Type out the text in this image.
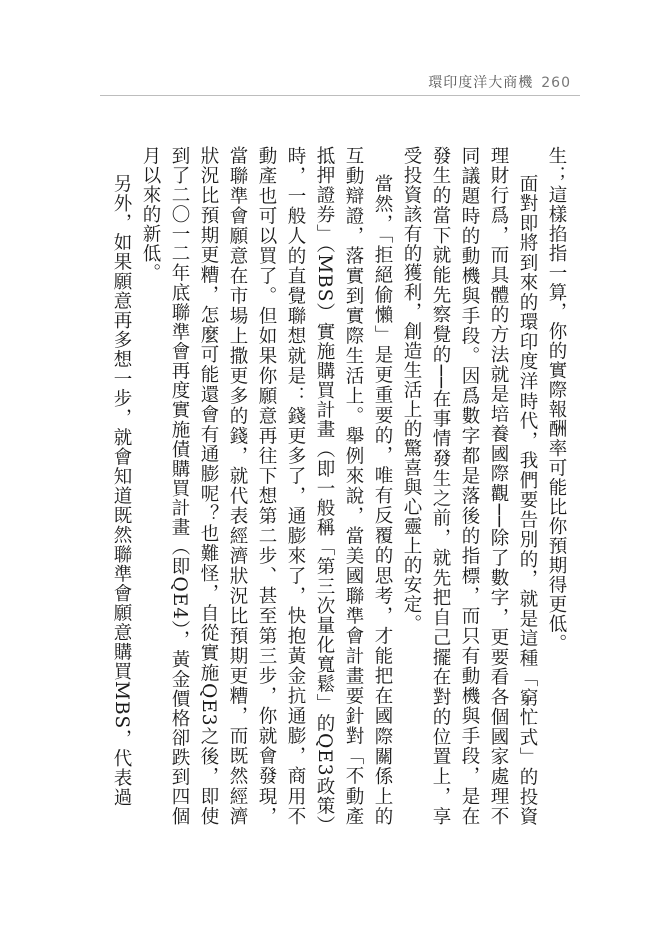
環印度洋大商機 260

生；這樣掐指一算，你的實際報酬率可能比你預期得更低。

面對即將到來的環印度洋時代，我們要告別的，就是這種「窮忙式」的投資理財行爲，而具體的方法就是培養國際觀──除了數字，更要看各個國家處理不同議題時的動機與手段。因爲數字都是落後的指標，而只有動機與手段，是在發生的當下就能先察覺的──在事情發生之前，就先把自己擺在對的位置上，享受投資該有的獲利，創造生活上的驚喜與心靈上的安定。

當然，「拒絕偷懶」是更重要的，唯有反覆的思考，才能把在國際關係上的互動辯證，落實到實際生活上。舉例來說，當美國聯準會計畫要針對「不動產抵押證券」（MBS）實施購買計畫（即一般稱「第三次量化寬鬆」的QE3政策）時，一般人的直覺聯想就是：錢更多了，通膨來了，快抱黃金抗通膨，商用不動產也可以買了。但如果你願意再往下想第二步、甚至第三步，你就會發現，當聯準會願意在市場上撒更多的錢，就代表經濟狀況比預期更糟，而既然經濟狀況比預期更糟，怎麼可能還會有通膨呢？也難怪，自從實施QE3之後，即使到了二〇一二年底聯準會再度實施債購買計畫（即QE4），黃金價格卻跌到四個月以來的新低。

另外，如果願意再多想一步，就會知道既然聯準會願意購買MBS，代表過
